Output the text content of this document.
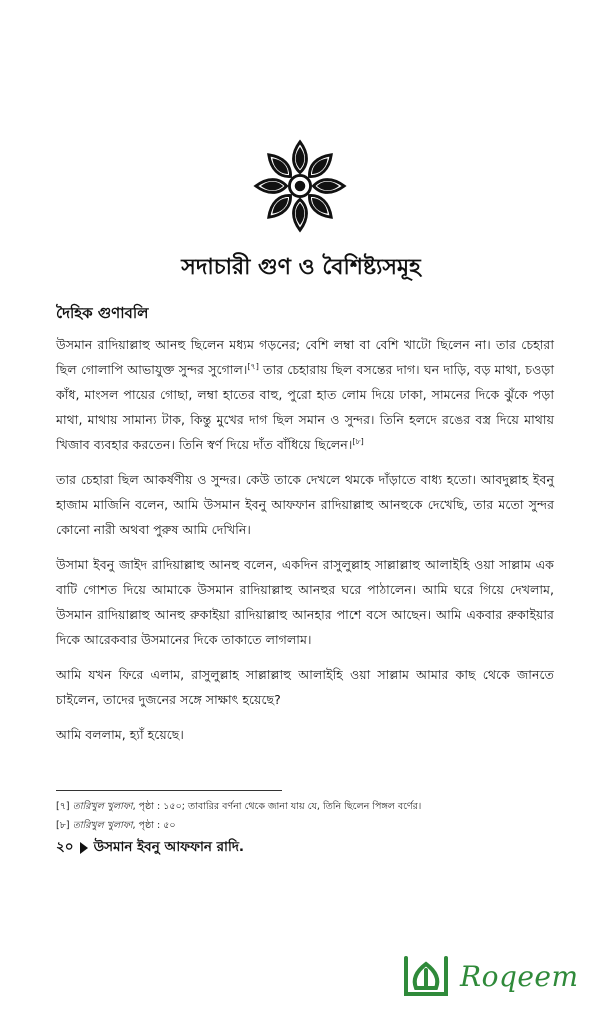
সদাচারী গুণ ও বৈশিষ্ট্যসমূহ
দৈহিক গুণাবলি

উসমান রাদিয়াল্লাহু আনহু ছিলেন মধ্যম গড়নের; বেশি লম্বা বা বেশি খাটো ছিলেন না। তার চেহারা ছিল গোলাপি আভাযুক্ত সুন্দর সুগোল।[৭] তার চেহারায় ছিল বসন্তের দাগ। ঘন দাড়ি, বড় মাথা, চওড়া কাঁধ, মাংসল পায়ের গোছা, লম্বা হাতের বাহু, পুরো হাত লোম দিয়ে ঢাকা, সামনের দিকে ঝুঁকে পড়া মাথা, মাথায় সামান্য টাক, কিন্তু মুখের দাগ ছিল সমান ও সুন্দর। তিনি হলদে রঙের বস্ত্র দিয়ে মাথায় খিজাব ব্যবহার করতেন। তিনি স্বর্ণ দিয়ে দাঁত বাঁধিয়ে ছিলেন।[৮]

তার চেহারা ছিল আকর্ষণীয় ও সুন্দর। কেউ তাকে দেখলে থমকে দাঁড়াতে বাধ্য হতো। আবদুল্লাহ ইবনু হাজাম মাজিনি বলেন, আমি উসমান ইবনু আফফান রাদিয়াল্লাহু আনহুকে দেখেছি, তার মতো সুন্দর কোনো নারী অথবা পুরুষ আমি দেখিনি।

উসামা ইবনু জাইদ রাদিয়াল্লাহু আনহু বলেন, একদিন রাসুলুল্লাহ সাল্লাল্লাহু আলাইহি ওয়া সাল্লাম এক বাটি গোশত দিয়ে আমাকে উসমান রাদিয়াল্লাহু আনহুর ঘরে পাঠালেন। আমি ঘরে গিয়ে দেখলাম, উসমান রাদিয়াল্লাহু আনহু রুকাইয়া রাদিয়াল্লাহু আনহার পাশে বসে আছেন। আমি একবার রুকাইয়ার দিকে আরেকবার উসমানের দিকে তাকাতে লাগলাম।

আমি যখন ফিরে এলাম, রাসুলুল্লাহ সাল্লাল্লাহু আলাইহি ওয়া সাল্লাম আমার কাছ থেকে জানতে চাইলেন, তাদের দুজনের সঙ্গে সাক্ষাৎ হয়েছে?

আমি বললাম, হ্যাঁ হয়েছে।

[৭] তারিখুল খুলাফা, পৃষ্ঠা : ১৫০; তাবারির বর্ণনা থেকে জানা যায় যে, তিনি ছিলেন পিঙ্গল বর্ণের।
[৮] তারিখুল খুলাফা, পৃষ্ঠা : ৫০
২০ উসমান ইবনু আফফান রাদি.
Roqeem
